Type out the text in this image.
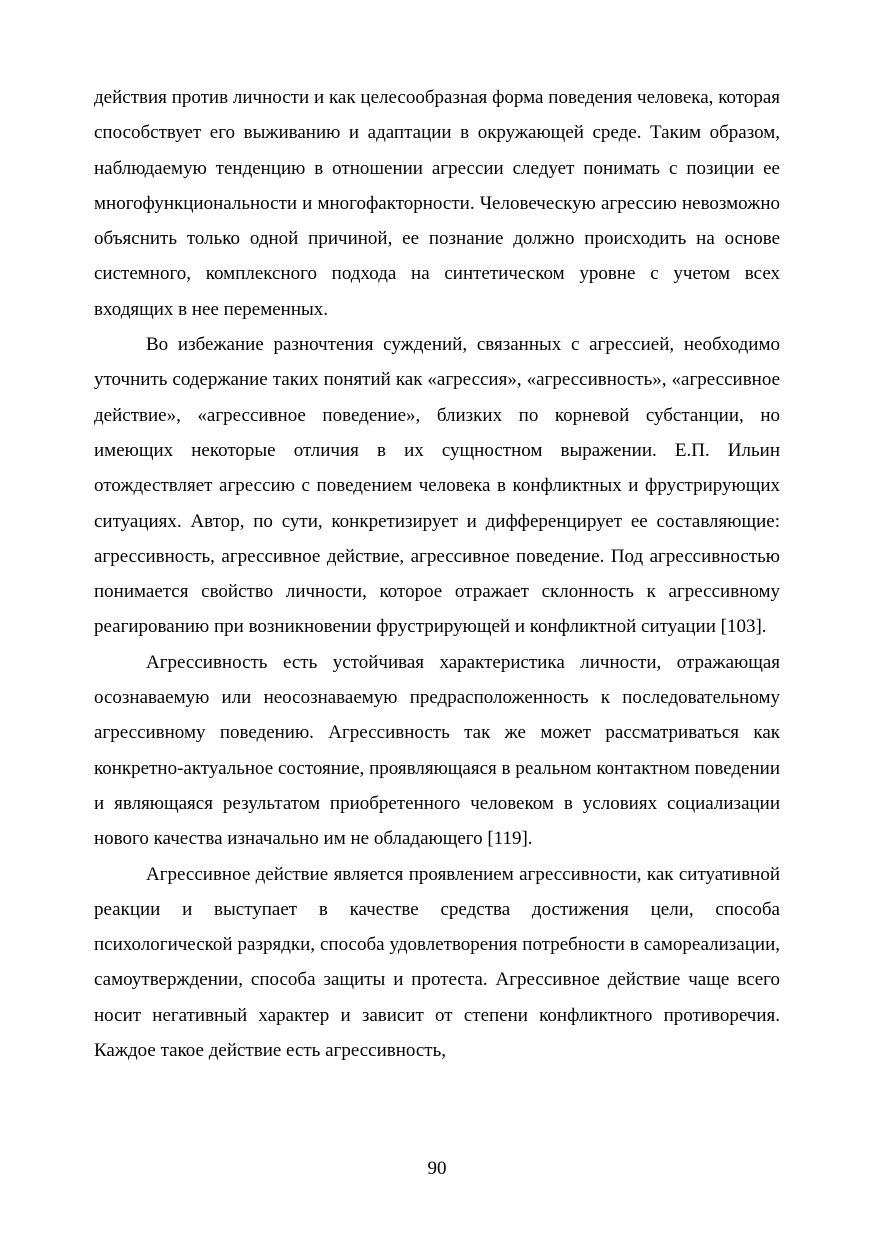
действия против личности и как целесообразная форма поведения человека, которая способствует его выживанию и адаптации в окружающей среде. Таким образом, наблюдаемую тенденцию в отношении агрессии следует понимать с позиции ее многофункциональности и многофакторности. Человеческую агрессию невозможно объяснить только одной причиной, ее познание должно происходить на основе системного, комплексного подхода на синтетическом уровне с учетом всех входящих в нее переменных.

Во избежание разночтения суждений, связанных с агрессией, необходимо уточнить содержание таких понятий как «агрессия», «агрессивность», «агрессивное действие», «агрессивное поведение», близких по корневой субстанции, но имеющих некоторые отличия в их сущностном выражении. Е.П. Ильин отождествляет агрессию с поведением человека в конфликтных и фрустрирующих ситуациях. Автор, по сути, конкретизирует и дифференцирует ее составляющие: агрессивность, агрессивное действие, агрессивное поведение. Под агрессивностью понимается свойство личности, которое отражает склонность к агрессивному реагированию при возникновении фрустрирующей и конфликтной ситуации [103].

Агрессивность есть устойчивая характеристика личности, отражающая осознаваемую или неосознаваемую предрасположенность к последовательному агрессивному поведению. Агрессивность так же может рассматриваться как конкретно-актуальное состояние, проявляющаяся в реальном контактном поведении и являющаяся результатом приобретенного человеком в условиях социализации нового качества изначально им не обладающего [119].

Агрессивное действие является проявлением агрессивности, как ситуативной реакции и выступает в качестве средства достижения цели, способа психологической разрядки, способа удовлетворения потребности в самореализации, самоутверждении, способа защиты и протеста. Агрессивное действие чаще всего носит негативный характер и зависит от степени конфликтного противоречия. Каждое такое действие есть агрессивность,

90
